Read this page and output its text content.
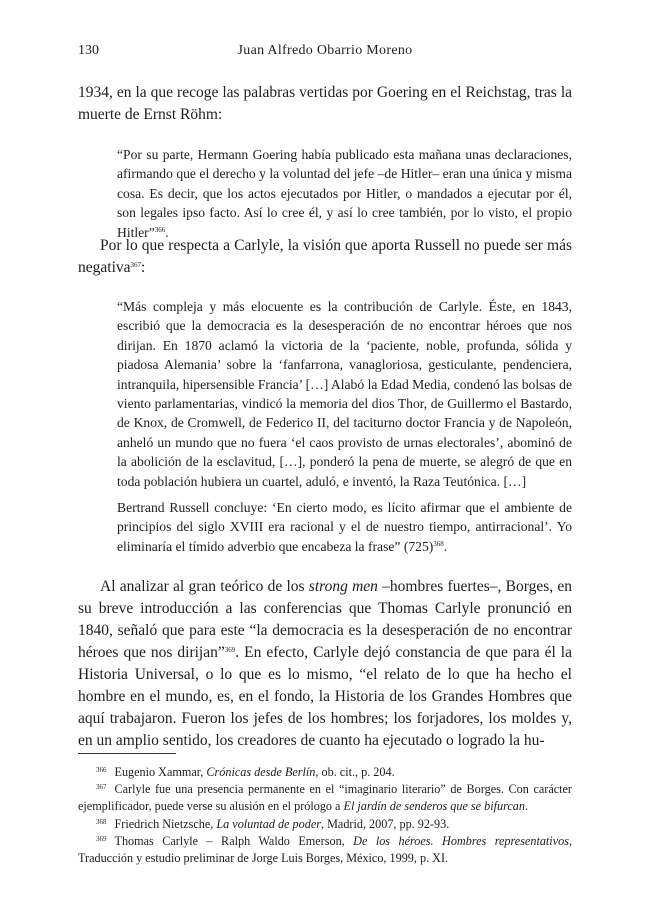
130	Juan Alfredo Obarrio Moreno

1934, en la que recoge las palabras vertidas por Goering en el Reichstag, tras la muerte de Ernst Röhm:

“Por su parte, Hermann Goering había publicado esta mañana unas declaraciones, afirmando que el derecho y la voluntad del jefe –de Hitler– eran una única y misma cosa. Es decir, que los actos ejecutados por Hitler, o mandados a ejecutar por él, son legales ipso facto. Así lo cree él, y así lo cree también, por lo visto, el propio Hitler”$^{366}$.

Por lo que respecta a Carlyle, la visión que aporta Russell no puede ser más negativa$^{367}$:

“Más compleja y más elocuente es la contribución de Carlyle. Éste, en 1843, escribió que la democracia es la desesperación de no encontrar héroes que nos dirijan. En 1870 aclamó la victoria de la ‘paciente, noble, profunda, sólida y piadosa Alemania’ sobre la ‘fanfarrona, vanagloriosa, gesticulante, pendenciera, intranquila, hipersensible Francia’ […] Alabó la Edad Media, condenó las bolsas de viento parlamentarias, vindicó la memoria del dios Thor, de Guillermo el Bastardo, de Knox, de Cromwell, de Federico II, del taciturno doctor Francia y de Napoleón, anheló un mundo que no fuera ‘el caos provisto de urnas electorales’, abominó de la abolición de la esclavitud, […], ponderó la pena de muerte, se alegró de que en toda población hubiera un cuartel, aduló, e inventó, la Raza Teutónica. […]

Bertrand Russell concluye: ‘En cierto modo, es lícito afirmar que el ambiente de principios del siglo XVIII era racional y el de nuestro tiempo, antirracional’. Yo eliminaría el tímido adverbio que encabeza la frase” $(725)^{368}$.

Al analizar al gran teórico de los strong men –hombres fuertes–, Borges, en su breve introducción a las conferencias que Thomas Carlyle pronunció en 1840, señaló que para este “la democracia es la desesperación de no encontrar héroes que nos dirijan”$^{369}$. En efecto, Carlyle dejó constancia de que para él la Historia Universal, o lo que es lo mismo, “el relato de lo que ha hecho el hombre en el mundo, es, en el fondo, la Historia de los Grandes Hombres que aquí trabajaron. Fueron los jefes de los hombres; los forjadores, los moldes y, en un amplio sentido, los creadores de cuanto ha ejecutado o logrado la hu-

$^{366}$ Eugenio Xammar, Crónicas desde Berlín, ob. cit., p. 204.

$^{367}$ Carlyle fue una presencia permanente en el “imaginario literario” de Borges. Con carácter ejemplificador, puede verse su alusión en el prólogo a El jardín de senderos que se bifurcan.

$^{368}$ Friedrich Nietzsche, La voluntad de poder, Madrid, 2007, pp. 92-93.

$^{369}$ Thomas Carlyle – Ralph Waldo Emerson, De los héroes. Hombres representativos, Traducción y estudio preliminar de Jorge Luis Borges, México, 1999, p. XI.
